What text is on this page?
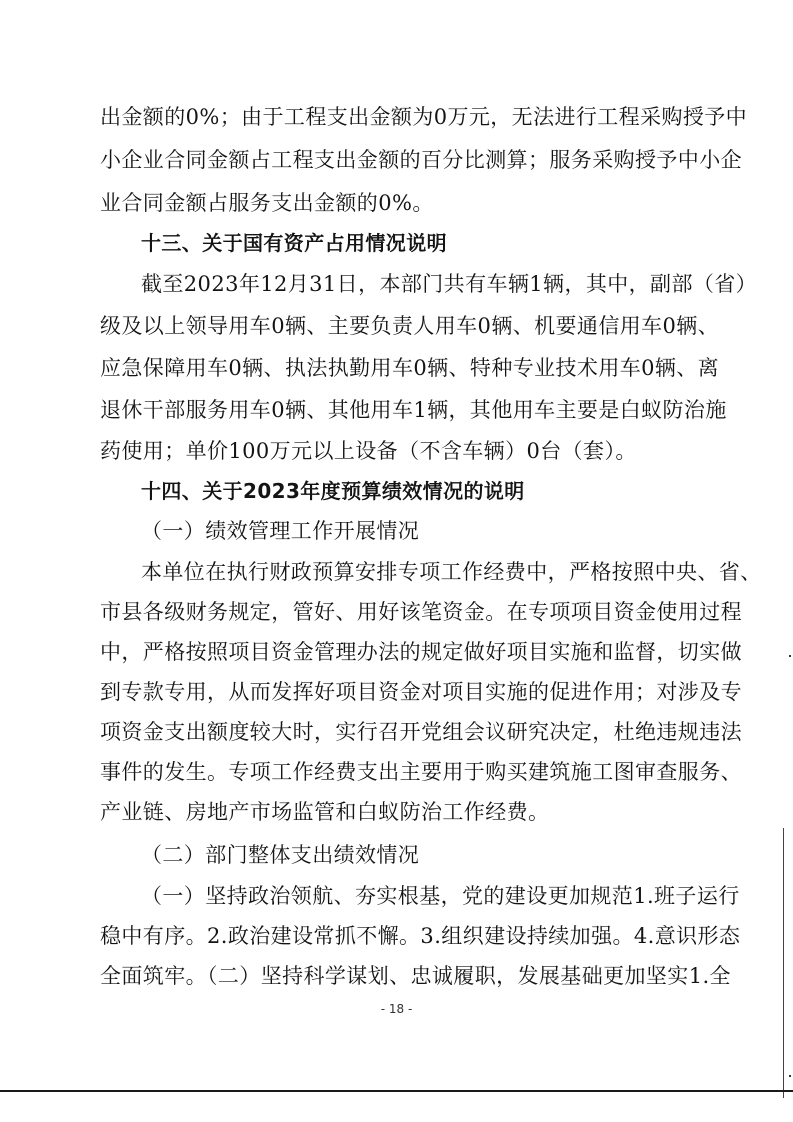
出金额的0%；由于工程支出金额为0万元，无法进行工程采购授予中
小企业合同金额占工程支出金额的百分比测算；服务采购授予中小企
业合同金额占服务支出金额的0%。
十三、关于国有资产占用情况说明
截至2023年12月31日，本部门共有车辆1辆，其中，副部（省）
级及以上领导用车0辆、主要负责人用车0辆、机要通信用车0辆、
应急保障用车0辆、执法执勤用车0辆、特种专业技术用车0辆、离
退休干部服务用车0辆、其他用车1辆，其他用车主要是白蚁防治施
药使用；单价100万元以上设备（不含车辆）0台（套）。
十四、关于2023年度预算绩效情况的说明
（一）绩效管理工作开展情况
本单位在执行财政预算安排专项工作经费中，严格按照中央、省、
市县各级财务规定，管好、用好该笔资金。在专项项目资金使用过程
中，严格按照项目资金管理办法的规定做好项目实施和监督，切实做
到专款专用，从而发挥好项目资金对项目实施的促进作用；对涉及专
项资金支出额度较大时，实行召开党组会议研究决定，杜绝违规违法
事件的发生。专项工作经费支出主要用于购买建筑施工图审查服务、
产业链、房地产市场监管和白蚁防治工作经费。
（二）部门整体支出绩效情况
（一）坚持政治领航、夯实根基，党的建设更加规范1.班子运行
稳中有序。2.政治建设常抓不懈。3.组织建设持续加强。4.意识形态
全面筑牢。（二）坚持科学谋划、忠诚履职，发展基础更加坚实1.全
- 18 -
